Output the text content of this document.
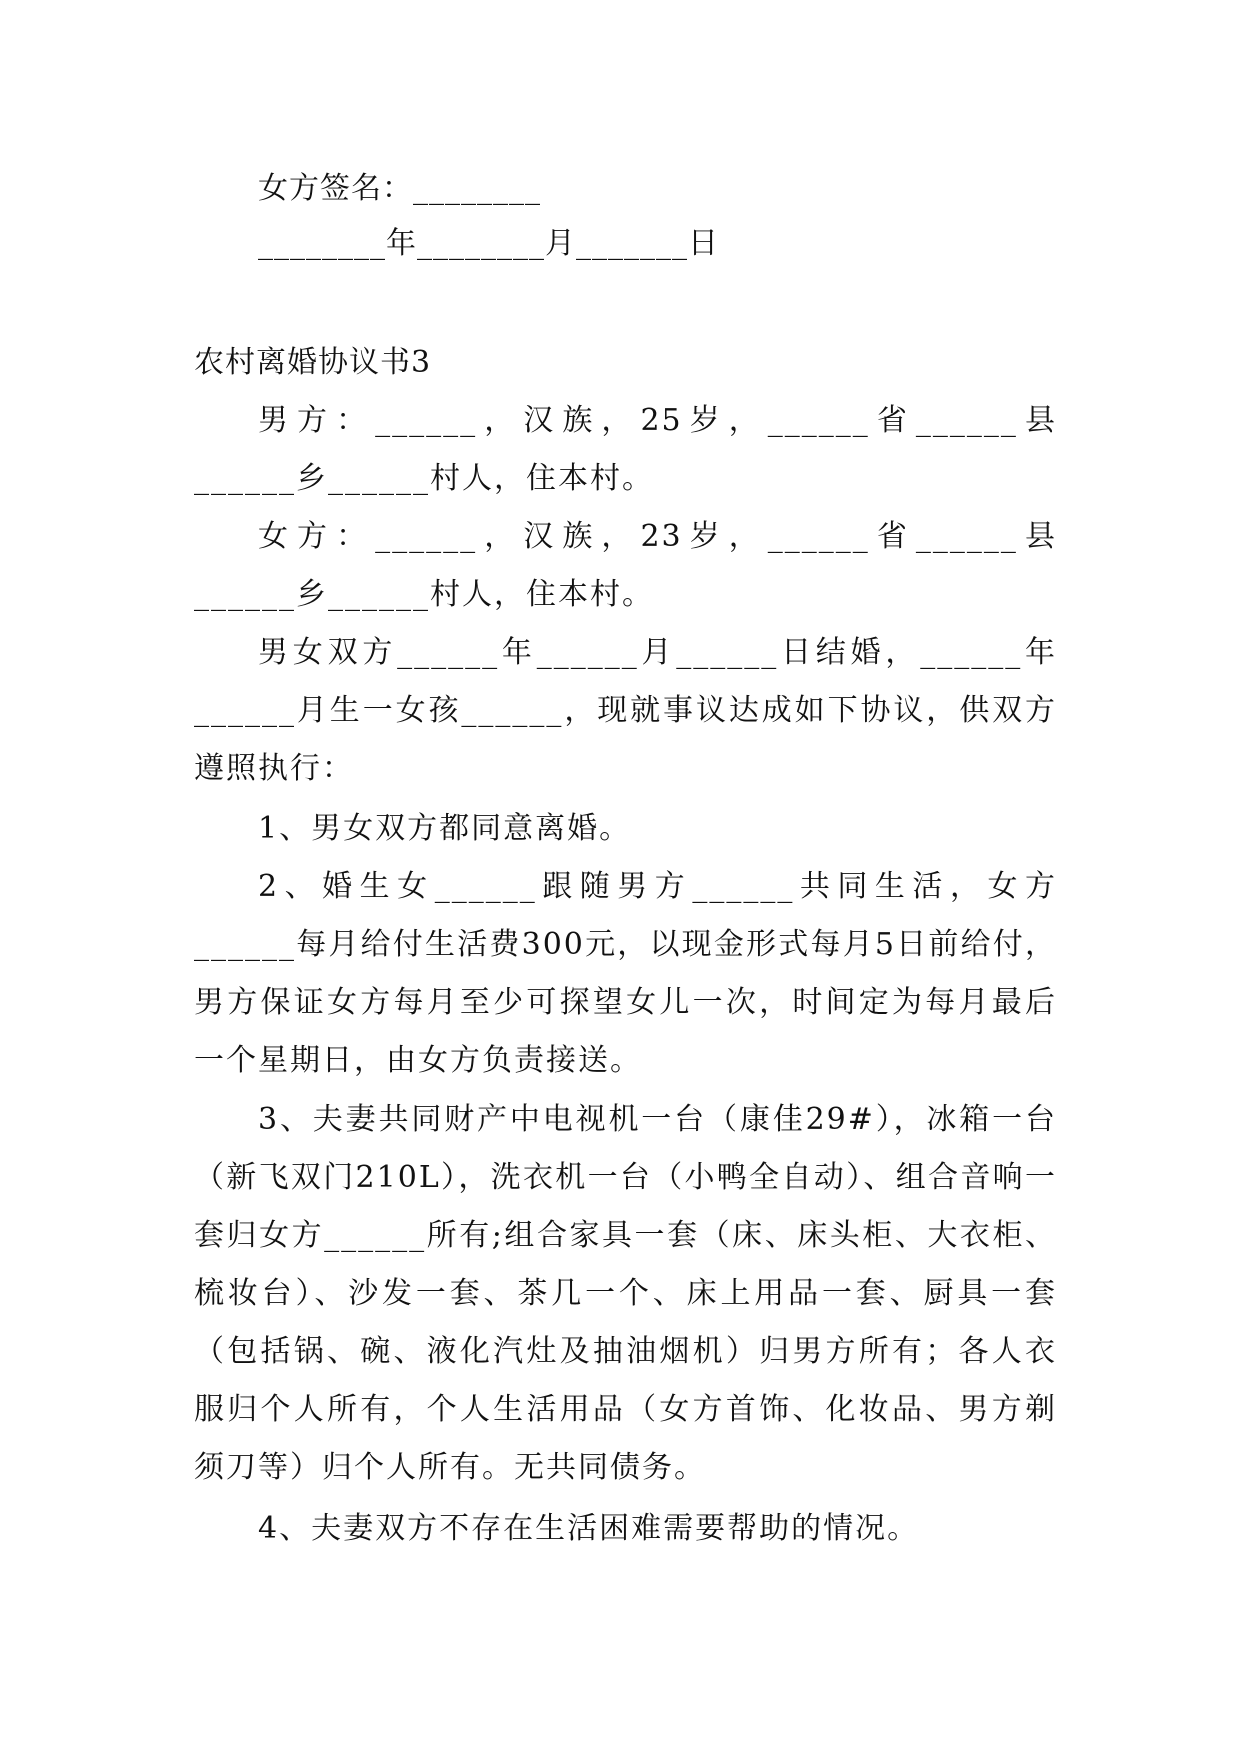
女方签名：________
________年________月_______日
农村离婚协议书3
男方：______，汉族，25岁，______省______县______乡______村人，住本村。
女方：______，汉族，23岁，______省______县______乡______村人，住本村。
男女双方______年______月______日结婚，______年______月生一女孩______，现就事议达成如下协议，供双方遵照执行：
1、男女双方都同意离婚。
2、婚生女______跟随男方______共同生活，女方______每月给付生活费300元，以现金形式每月5日前给付，男方保证女方每月至少可探望女儿一次，时间定为每月最后一个星期日，由女方负责接送。
3、夫妻共同财产中电视机一台（康佳29#），冰箱一台（新飞双门210L），洗衣机一台（小鸭全自动）、组合音响一套归女方______所有;组合家具一套（床、床头柜、大衣柜、梳妆台）、沙发一套、茶几一个、床上用品一套、厨具一套（包括锅、碗、液化汽灶及抽油烟机）归男方所有；各人衣服归个人所有，个人生活用品（女方首饰、化妆品、男方剃须刀等）归个人所有。无共同债务。
4、夫妻双方不存在生活困难需要帮助的情况。
